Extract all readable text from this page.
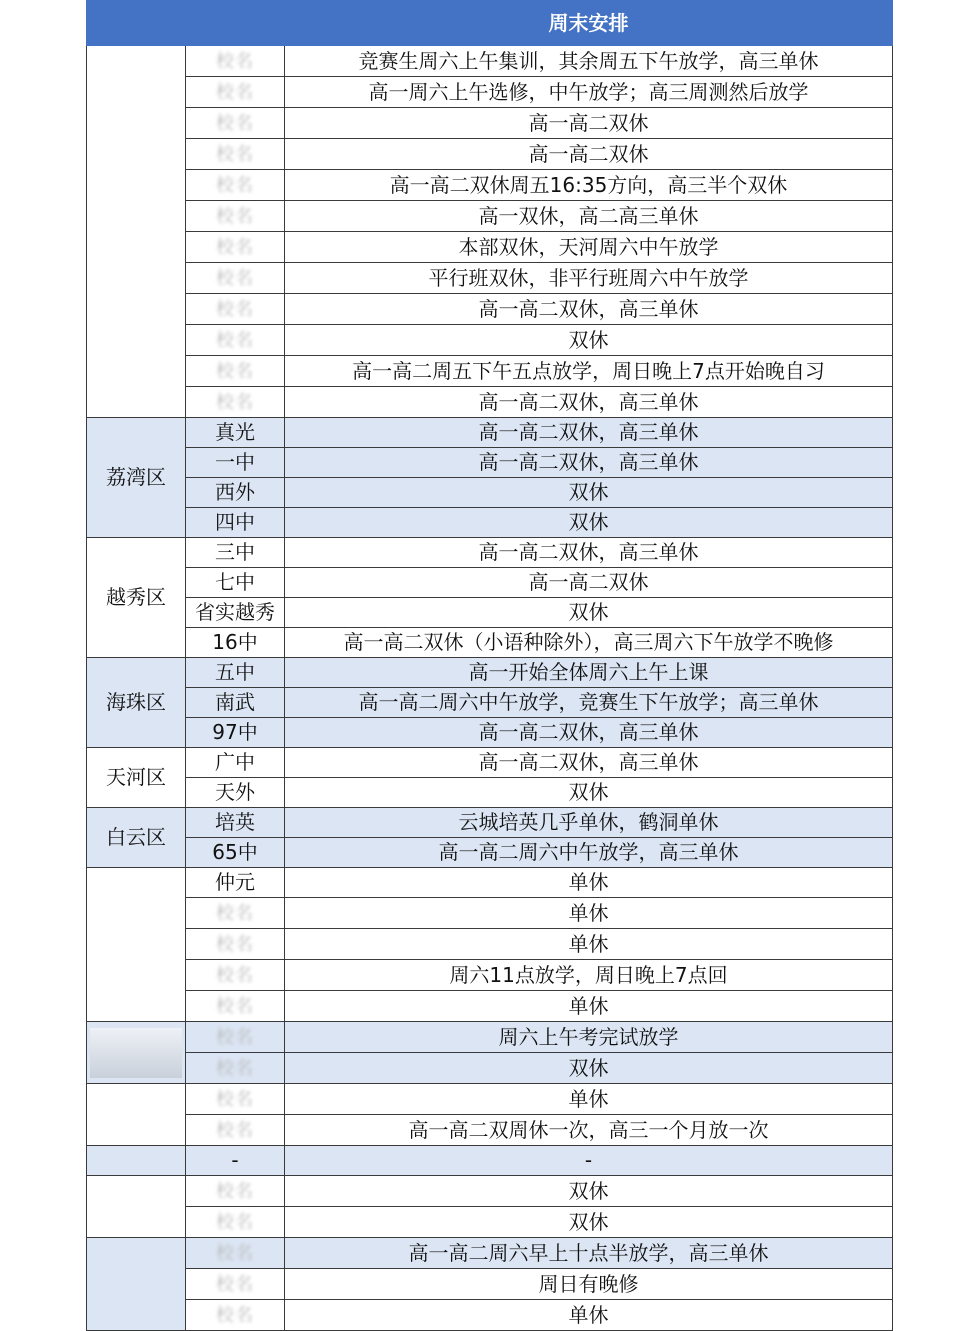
		周末安排
	校名	竞赛生周六上午集训，其余周五下午放学，高三单休
	校名	高一周六上午选修，中午放学；高三周测然后放学
	校名	高一高二双休
	校名	高一高二双休
	校名	高一高二双休周五16:35方向，高三半个双休
	校名	高一双休，高二高三单休
	校名	本部双休，天河周六中午放学
	校名	平行班双休，非平行班周六中午放学
	校名	高一高二双休，高三单休
	校名	双休
	校名	高一高二周五下午五点放学，周日晚上7点开始晚自习
	校名	高一高二双休，高三单休
荔湾区	真光	高一高二双休，高三单休
	一中	高一高二双休，高三单休
	西外	双休
	四中	双休
越秀区	三中	高一高二双休，高三单休
	七中	高一高二双休
	省实越秀	双休
	16中	高一高二双休（小语种除外），高三周六下午放学不晚修
海珠区	五中	高一开始全体周六上午上课
	南武	高一高二周六中午放学，竞赛生下午放学；高三单休
	97中	高一高二双休，高三单休
天河区	广中	高一高二双休，高三单休
	天外	双休
白云区	培英	云城培英几乎单休，鹤洞单休
	65中	高一高二周六中午放学，高三单休
	仲元	单休
	校名	单休
	校名	单休
	校名	周六11点放学，周日晚上7点回
	校名	单休
	校名	周六上午考完试放学
	校名	双休
	校名	单休
	校名	高一高二双周休一次，高三一个月放一次
	-	-
	校名	双休
	校名	双休
	校名	高一高二周六早上十点半放学，高三单休
	校名	周日有晚修
	校名	单休
